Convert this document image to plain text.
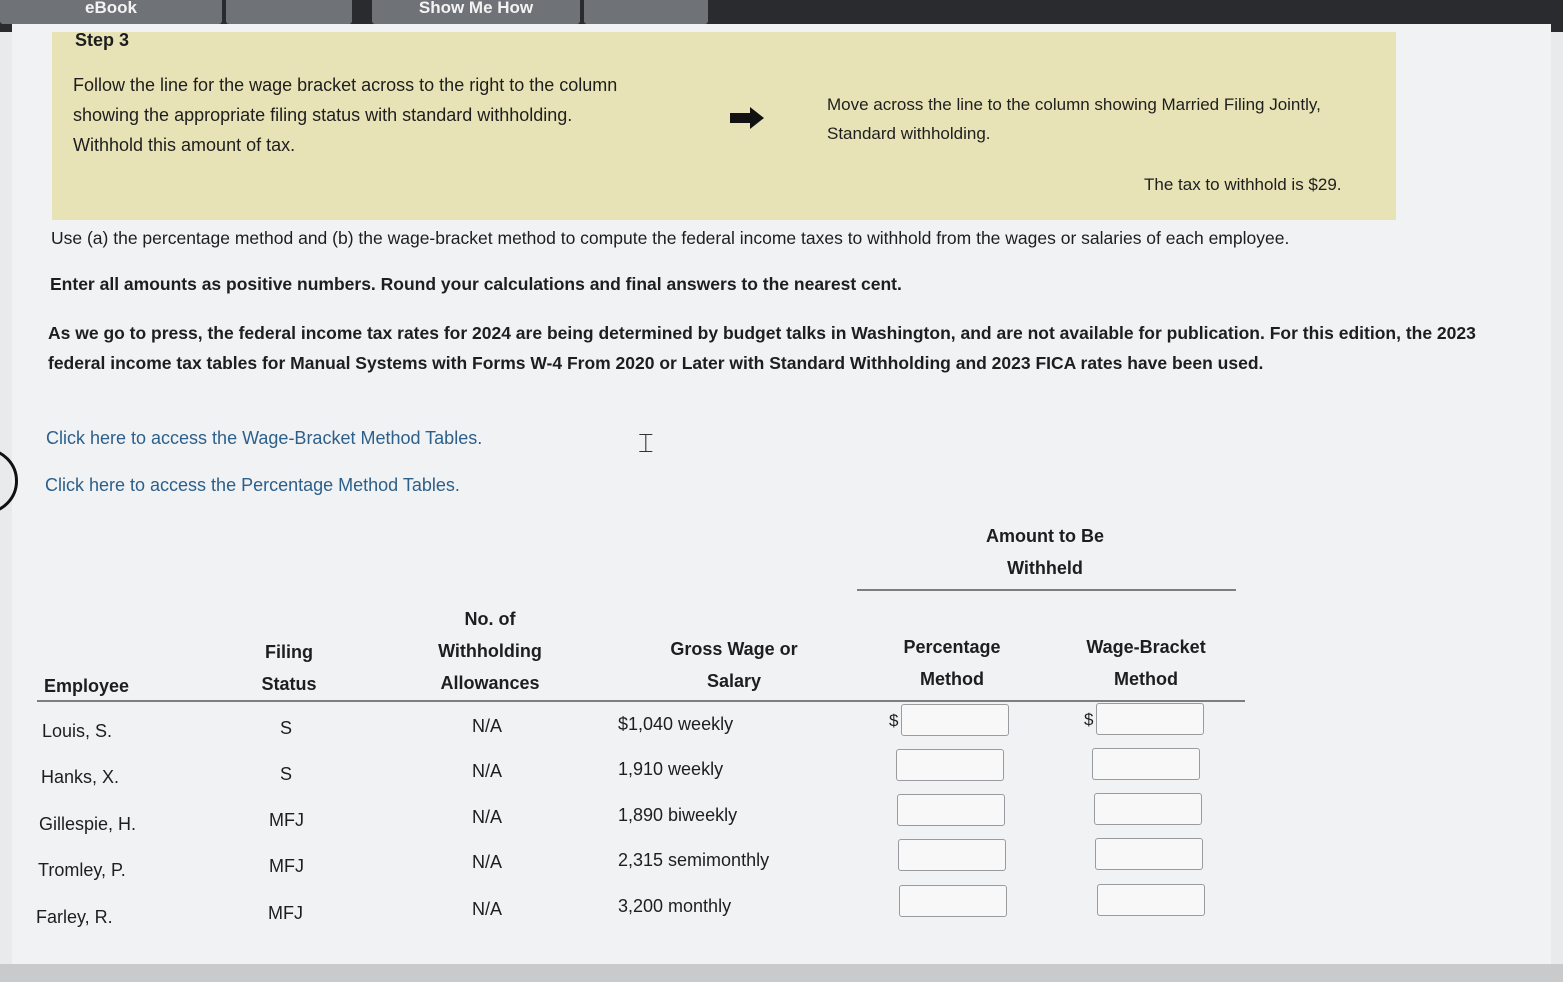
eBook	Show Me How
Step 3
Follow the line for the wage bracket across to the right to the column showing the appropriate filing status with standard withholding. Withhold this amount of tax.
Move across the line to the column showing Married Filing Jointly, Standard withholding.
The tax to withhold is $29.
Use (a) the percentage method and (b) the wage-bracket method to compute the federal income taxes to withhold from the wages or salaries of each employee.
Enter all amounts as positive numbers. Round your calculations and final answers to the nearest cent.
As we go to press, the federal income tax rates for 2024 are being determined by budget talks in Washington, and are not available for publication. For this edition, the 2023 federal income tax tables for Manual Systems with Forms W-4 From 2020 or Later with Standard Withholding and 2023 FICA rates have been used.
Click here to access the Wage-Bracket Method Tables.
Click here to access the Percentage Method Tables.
⌶
Amount to Be Withheld
Employee
Filing Status
No. of Withholding Allowances
Gross Wage or Salary
Percentage Method
Wage-Bracket Method
Louis, S.	S	N/A	$1,040 weekly	$	$
Hanks, X.	S	N/A	1,910 weekly
Gillespie, H.	MFJ	N/A	1,890 biweekly
Tromley, P.	MFJ	N/A	2,315 semimonthly
Farley, R.	MFJ	N/A	3,200 monthly
